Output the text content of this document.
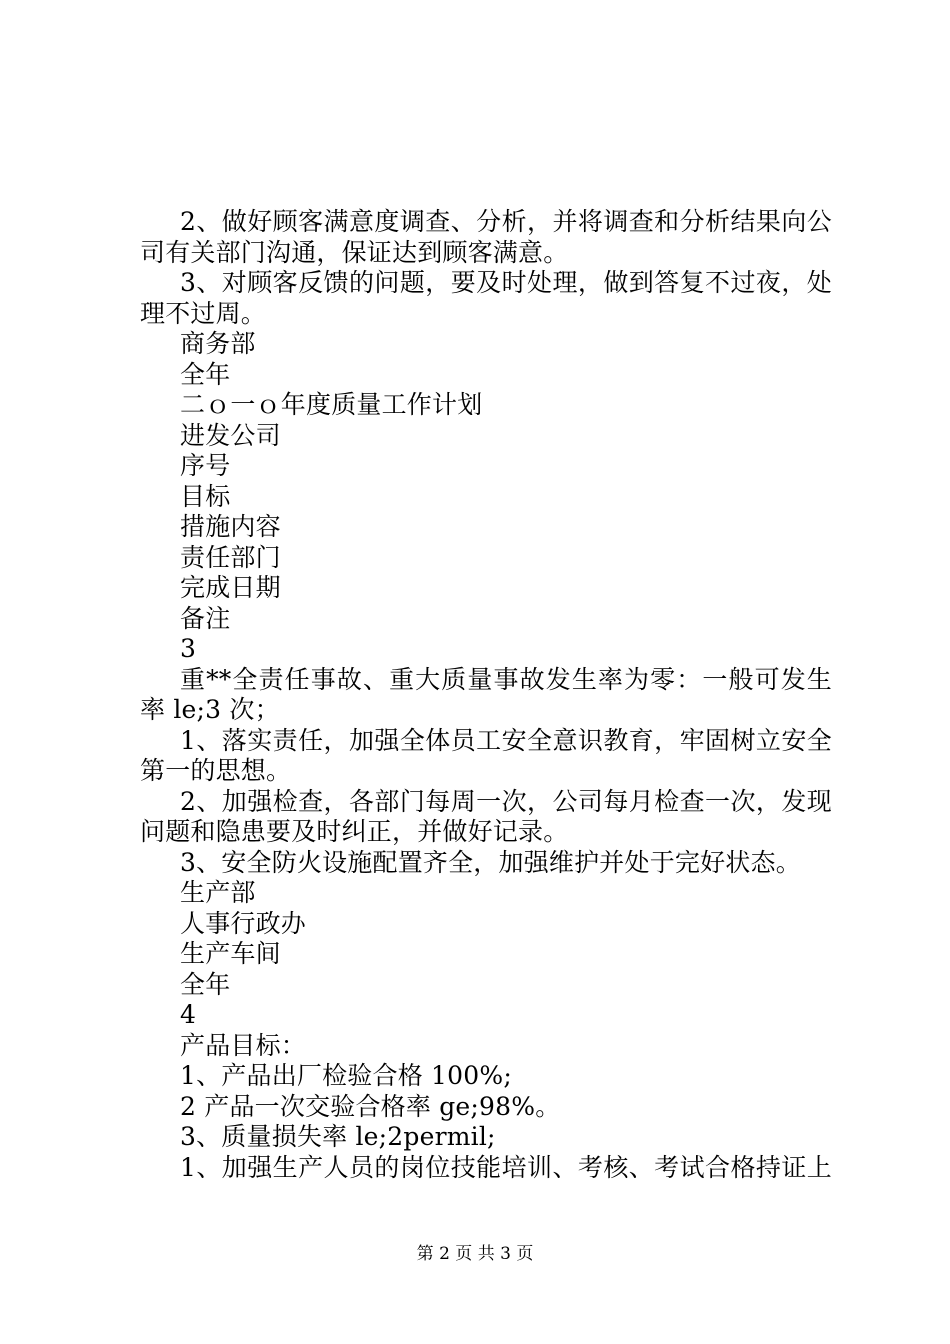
2、做好顾客满意度调查、分析，并将调查和分析结果向公
司有关部门沟通，保证达到顾客满意。
3、对顾客反馈的问题，要及时处理，做到答复不过夜，处
理不过周。
商务部
全年
二ｏ一ｏ年度质量工作计划
进发公司
序号
目标
措施内容
责任部门
完成日期
备注
3
重**全责任事故、重大质量事故发生率为零：一般可发生
率 le;3 次；
1、落实责任，加强全体员工安全意识教育，牢固树立安全
第一的思想。
2、加强检查，各部门每周一次，公司每月检查一次，发现
问题和隐患要及时纠正，并做好记录。
3、安全防火设施配置齐全，加强维护并处于完好状态。
生产部
人事行政办
生产车间
全年
4
产品目标：
1、产品出厂检验合格 100%;
2 产品一次交验合格率 ge;98%。
3、质量损失率 le;2permil;
1、加强生产人员的岗位技能培训、考核、考试合格持证上
第 2 页 共 3 页
